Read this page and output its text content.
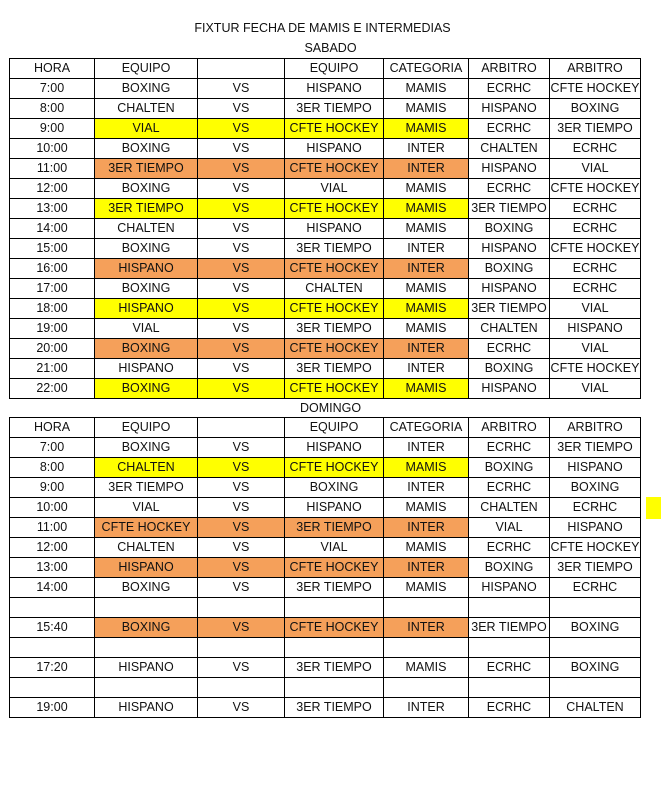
FIXTUR FECHA DE MAMIS E INTERMEDIAS
SABADO
HORA	EQUIPO		EQUIPO	CATEGORIA	ARBITRO	ARBITRO
7:00	BOXING	VS	HISPANO	MAMIS	ECRHC	CFTE HOCKEY
8:00	CHALTEN	VS	3ER TIEMPO	MAMIS	HISPANO	BOXING
9:00	VIAL	VS	CFTE HOCKEY	MAMIS	ECRHC	3ER TIEMPO
10:00	BOXING	VS	HISPANO	INTER	CHALTEN	ECRHC
11:00	3ER TIEMPO	VS	CFTE HOCKEY	INTER	HISPANO	VIAL
12:00	BOXING	VS	VIAL	MAMIS	ECRHC	CFTE HOCKEY
13:00	3ER TIEMPO	VS	CFTE HOCKEY	MAMIS	3ER TIEMPO	ECRHC
14:00	CHALTEN	VS	HISPANO	MAMIS	BOXING	ECRHC
15:00	BOXING	VS	3ER TIEMPO	INTER	HISPANO	CFTE HOCKEY
16:00	HISPANO	VS	CFTE HOCKEY	INTER	BOXING	ECRHC
17:00	BOXING	VS	CHALTEN	MAMIS	HISPANO	ECRHC
18:00	HISPANO	VS	CFTE HOCKEY	MAMIS	3ER TIEMPO	VIAL
19:00	VIAL	VS	3ER TIEMPO	MAMIS	CHALTEN	HISPANO
20:00	BOXING	VS	CFTE HOCKEY	INTER	ECRHC	VIAL
21:00	HISPANO	VS	3ER TIEMPO	INTER	BOXING	CFTE HOCKEY
22:00	BOXING	VS	CFTE HOCKEY	MAMIS	HISPANO	VIAL
DOMINGO
HORA	EQUIPO		EQUIPO	CATEGORIA	ARBITRO	ARBITRO
7:00	BOXING	VS	HISPANO	INTER	ECRHC	3ER TIEMPO
8:00	CHALTEN	VS	CFTE HOCKEY	MAMIS	BOXING	HISPANO
9:00	3ER TIEMPO	VS	BOXING	INTER	ECRHC	BOXING
10:00	VIAL	VS	HISPANO	MAMIS	CHALTEN	ECRHC
11:00	CFTE HOCKEY	VS	3ER TIEMPO	INTER	VIAL	HISPANO
12:00	CHALTEN	VS	VIAL	MAMIS	ECRHC	CFTE HOCKEY
13:00	HISPANO	VS	CFTE HOCKEY	INTER	BOXING	3ER TIEMPO
14:00	BOXING	VS	3ER TIEMPO	MAMIS	HISPANO	ECRHC

15:40	BOXING	VS	CFTE HOCKEY	INTER	3ER TIEMPO	BOXING

17:20	HISPANO	VS	3ER TIEMPO	MAMIS	ECRHC	BOXING

19:00	HISPANO	VS	3ER TIEMPO	INTER	ECRHC	CHALTEN
